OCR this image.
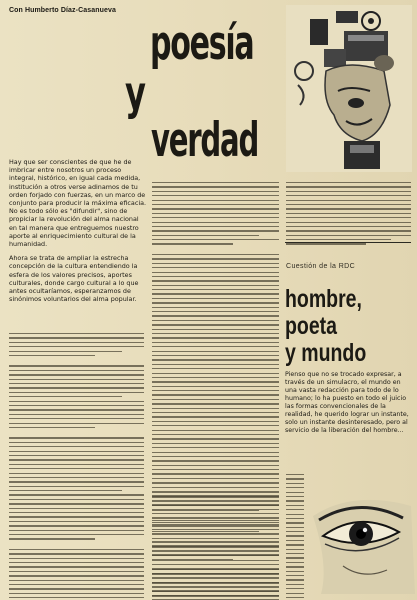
Con Humberto Díaz-Casanueva
poesía
y
verdad

Hay que ser conscientes de que he de imbricar entre nosotros un proceso integral, histórico, en igual cada medida, institución a otros verse adinamos de tu orden forjado con fuerzas, en un marco de conjunto para producir la máxima eficacia. No es todo sólo es "difundir", sino de propiciar la revolución del alma nacional en tal manera que entreguemos nuestro aporte al enriquecimiento cultural de la humanidad.

Ahora se trata de ampliar la estrecha concepción de la cultura entendiendo la esfera de los valores precisos, aportes culturales, donde cargo cultural a lo que antes ocultaríamos, esperanzamos de sinónimos voluntarios del alma popular.

Cuestión de la RDC
hombre,
poeta
y mundo
Pienso que no se trocado expresar, a través de un simulacro, el mundo en una vasta redacción para todo de lo humano; lo ha puesto en todo el juicio las formas convencionales de la realidad, he querido lograr un instante, solo un instante desinteresado, pero al servicio de la liberación del hombre...
